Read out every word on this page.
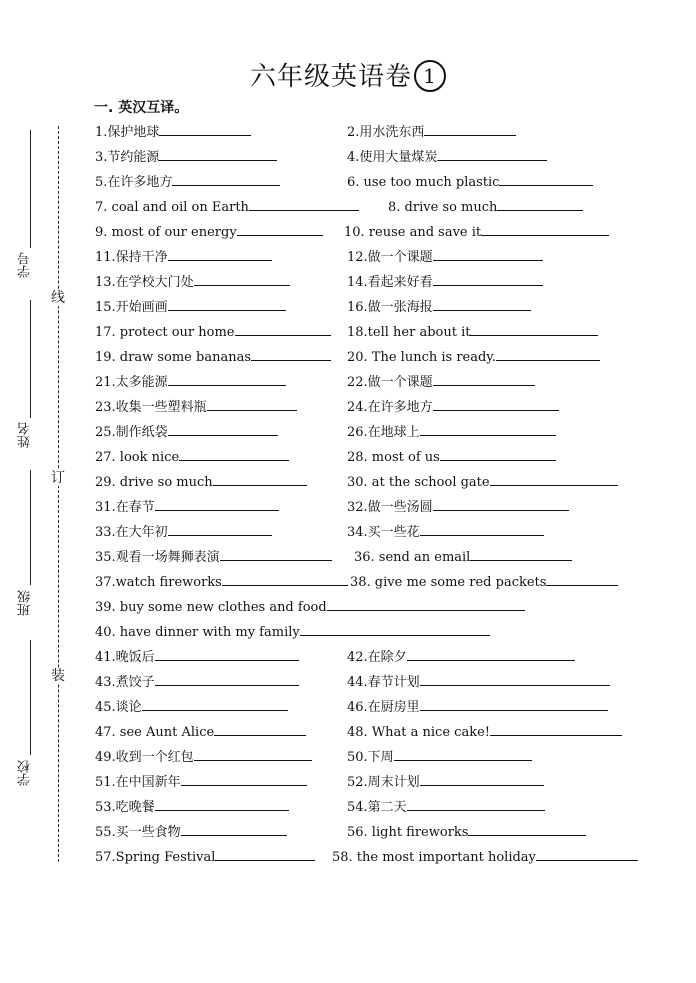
六年级英语卷 1
一. 英汉互译。
线
订
装
学号
姓名
班级
学校
1.保护地球	2.用水洗东西
3.节约能源	4.使用大量煤炭
5.在许多地方	6. use too much plastic
7. coal and oil on Earth	8. drive so much
9. most of our energy	10. reuse and save it
11.保持干净	12.做一个课题
13.在学校大门处	14.看起来好看
15.开始画画	16.做一张海报
17. protect our home	18.tell her about it
19. draw some bananas	20. The lunch is ready.
21.太多能源	22.做一个课题
23.收集一些塑料瓶	24.在许多地方
25.制作纸袋	26.在地球上
27. look nice	28. most of us
29. drive so much	30. at the school gate
31.在春节	32.做一些汤圆
33.在大年初	34.买一些花
35.观看一场舞狮表演	36. send an email
37.watch fireworks	38. give me some red packets
39. buy some new clothes and food
40. have dinner with my family
41.晚饭后	42.在除夕
43.煮饺子	44.春节计划
45.谈论	46.在厨房里
47. see Aunt Alice	48. What a nice cake!
49.收到一个红包	50.下周
51.在中国新年	52.周末计划
53.吃晚餐	54.第二天
55.买一些食物	56. light fireworks
57.Spring Festival	58. the most important holiday
